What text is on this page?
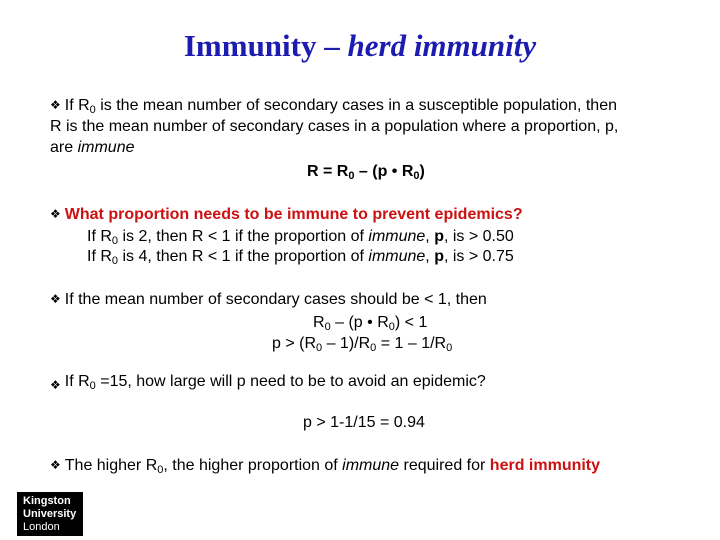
Immunity – herd immunity
❖ If $R_0$ is the mean number of secondary cases in a susceptible population, then
R is the mean number of secondary cases in a population where a proportion, p,
are immune
$R = R_0 - (p$ • $R_0$)
❖ What proportion needs to be immune to prevent epidemics?
If $R_0$ is 2, then R < 1 if the proportion of immune, p, is > 0.50
If $R_0$ is 4, then R < 1 if the proportion of immune, p, is > 0.75
❖ If the mean number of secondary cases should be < 1, then
$R_0 - (p$ • $R_0) < 1$
$p > (R_0 - 1)/R_0 = 1 - 1/R_0$
❖ If $R_0 =15$, how large will p need to be to avoid an epidemic?
p > 1-1/15 = 0.94
❖ The higher $R_0$, the higher proportion of immune required for herd immunity
Kingston
University
London
